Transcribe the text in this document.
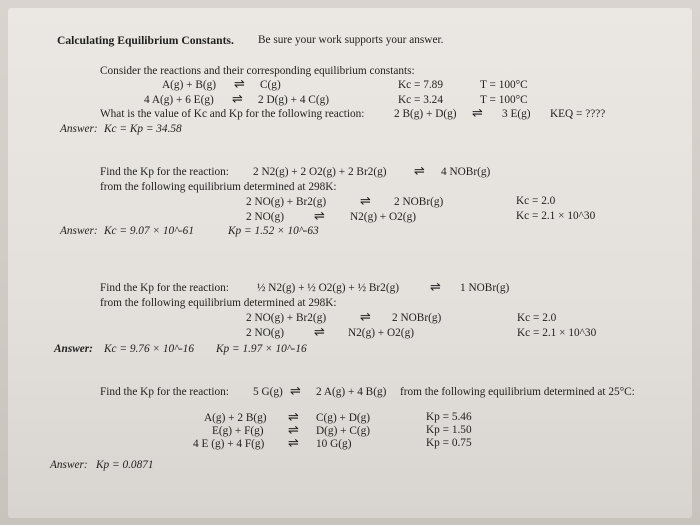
Calculating Equilibrium Constants. Be sure your work supports your answer.
Consider the reactions and their corresponding equilibrium constants:
A(g) + B(g) ⇌ C(g)	Kc = 7.89	T = 100°C
4 A(g) + 6 E(g) ⇌ 2 D(g) + 4 C(g)	Kc = 3.24	T = 100°C
What is the value of Kc and Kp for the following reaction:	2 B(g) + D(g) ⇌ 3 E(g) KEQ = ????
Answer: Kc = Kp = 34.58
Find the Kp for the reaction: 2 N2(g) + 2 O2(g) + 2 Br2(g) ⇌ 4 NOBr(g)
from the following equilibrium determined at 298K:
2 NO(g) + Br2(g)	⇌ 2 NOBr(g)	Kc = 2.0
2 NO(g) ⇌ N2(g) + O2(g)	Kc = 2.1 × 10^30
Answer: Kc = 9.07 × 10^-61	Kp = 1.52 × 10^-63
Find the Kp for the reaction: ½ N2(g) + ½ O2(g) + ½ Br2(g) ⇌ 1 NOBr(g)
from the following equilibrium determined at 298K:
2 NO(g) + Br2(g)	⇌ 2 NOBr(g)	Kc = 2.0
2 NO(g) ⇌ N2(g) + O2(g)	Kc = 2.1 × 10^30
Answer: Kc = 9.76 × 10^-16 Kp = 1.97 × 10^-16
Find the Kp for the reaction: 5 G(g) ⇌ 2 A(g) + 4 B(g) from the following equilibrium determined at 25°C:
A(g) + 2 B(g) ⇌ C(g) + D(g)	Kp = 5.46
E(g) + F(g) ⇌ D(g) + C(g)	Kp = 1.50
4 E (g) + 4 F(g) ⇌ 10 G(g)	Kp = 0.75
Answer: Kp = 0.0871
